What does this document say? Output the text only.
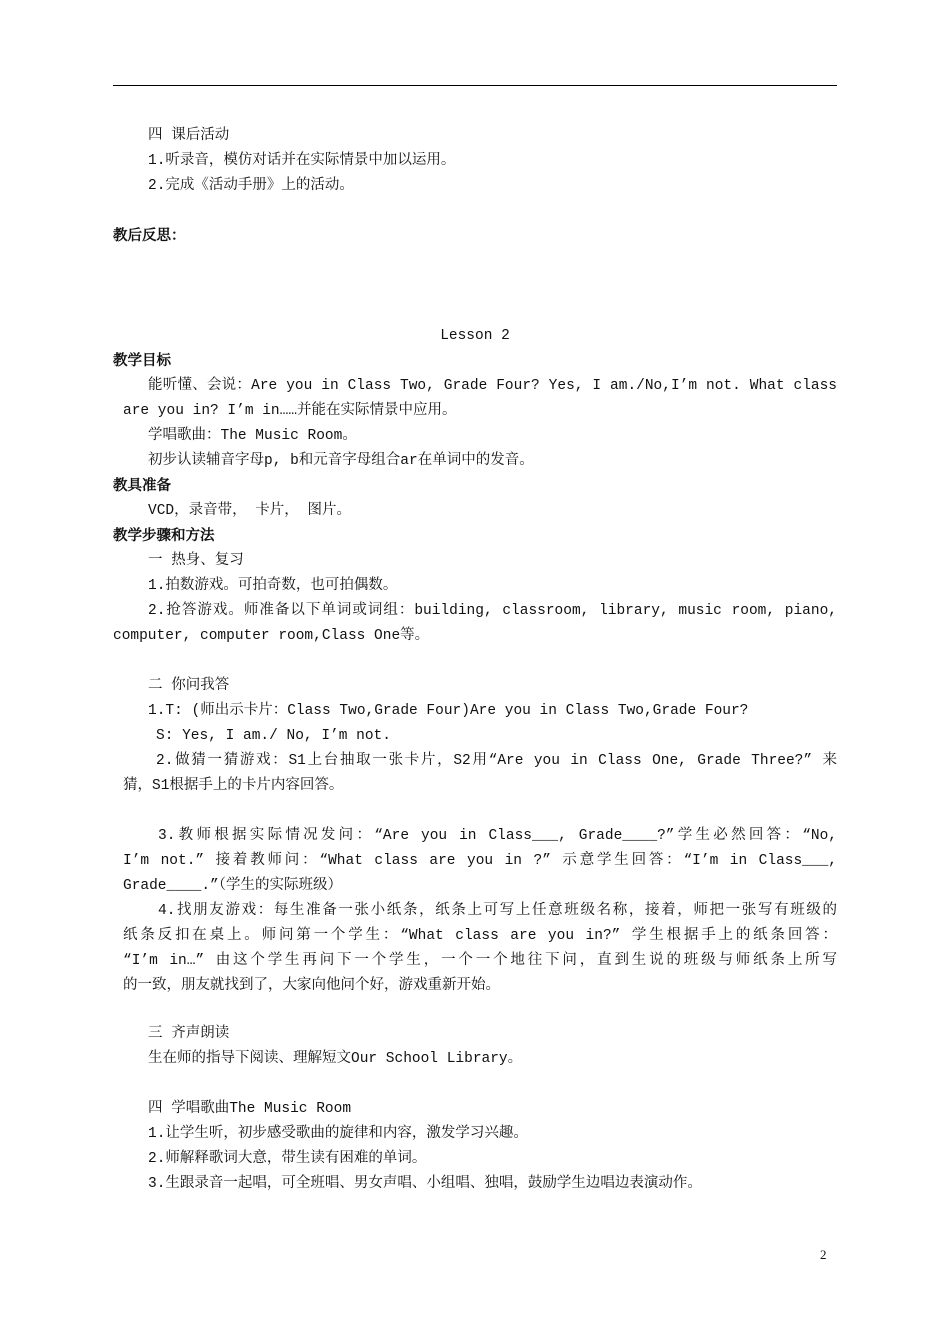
四 课后活动
1.听录音，模仿对话并在实际情景中加以运用。
2.完成《活动手册》上的活动。
教后反思：
Lesson 2
教学目标
能听懂、会说：Are you in Class Two, Grade Four? Yes, I am./No,I’m not. What class
are you in? I’m in……并能在实际情景中应用。
学唱歌曲：The Music Room。
初步认读辅音字母p, b和元音字母组合ar在单词中的发音。
教具准备
VCD，录音带， 卡片， 图片。
教学步骤和方法
一 热身、复习
1.拍数游戏。可拍奇数，也可拍偶数。
2.抢答游戏。师准备以下单词或词组：building, classroom, library, music room, piano,
computer, computer room,Class One等。
二 你问我答
1.T: (师出示卡片：Class Two,Grade Four)Are you in Class Two,Grade Four?
S: Yes, I am./ No, I’m not.
2.做猜一猜游戏：S1上台抽取一张卡片，S2用“Are you in Class One, Grade Three?” 来
猜，S1根据手上的卡片内容回答。
3.教师根据实际情况发问：“Are you in Class___, Grade____?”学生必然回答：“No,
I’m not.” 接着教师问：“What class are you in ?” 示意学生回答：“I’m in Class___,
Grade____.”（学生的实际班级）
4.找朋友游戏：每生准备一张小纸条，纸条上可写上任意班级名称，接着，师把一张写有班级的
纸条反扣在桌上。师问第一个学生：“What class are you in?” 学生根据手上的纸条回答：
“I’m in…” 由这个学生再问下一个学生，一个一个地往下问，直到生说的班级与师纸条上所写
的一致，朋友就找到了，大家向他问个好，游戏重新开始。
三 齐声朗读
生在师的指导下阅读、理解短文Our School Library。
四 学唱歌曲The Music Room
1.让学生听，初步感受歌曲的旋律和内容，激发学习兴趣。
2.师解释歌词大意，带生读有困难的单词。
3.生跟录音一起唱，可全班唱、男女声唱、小组唱、独唱，鼓励学生边唱边表演动作。
2
